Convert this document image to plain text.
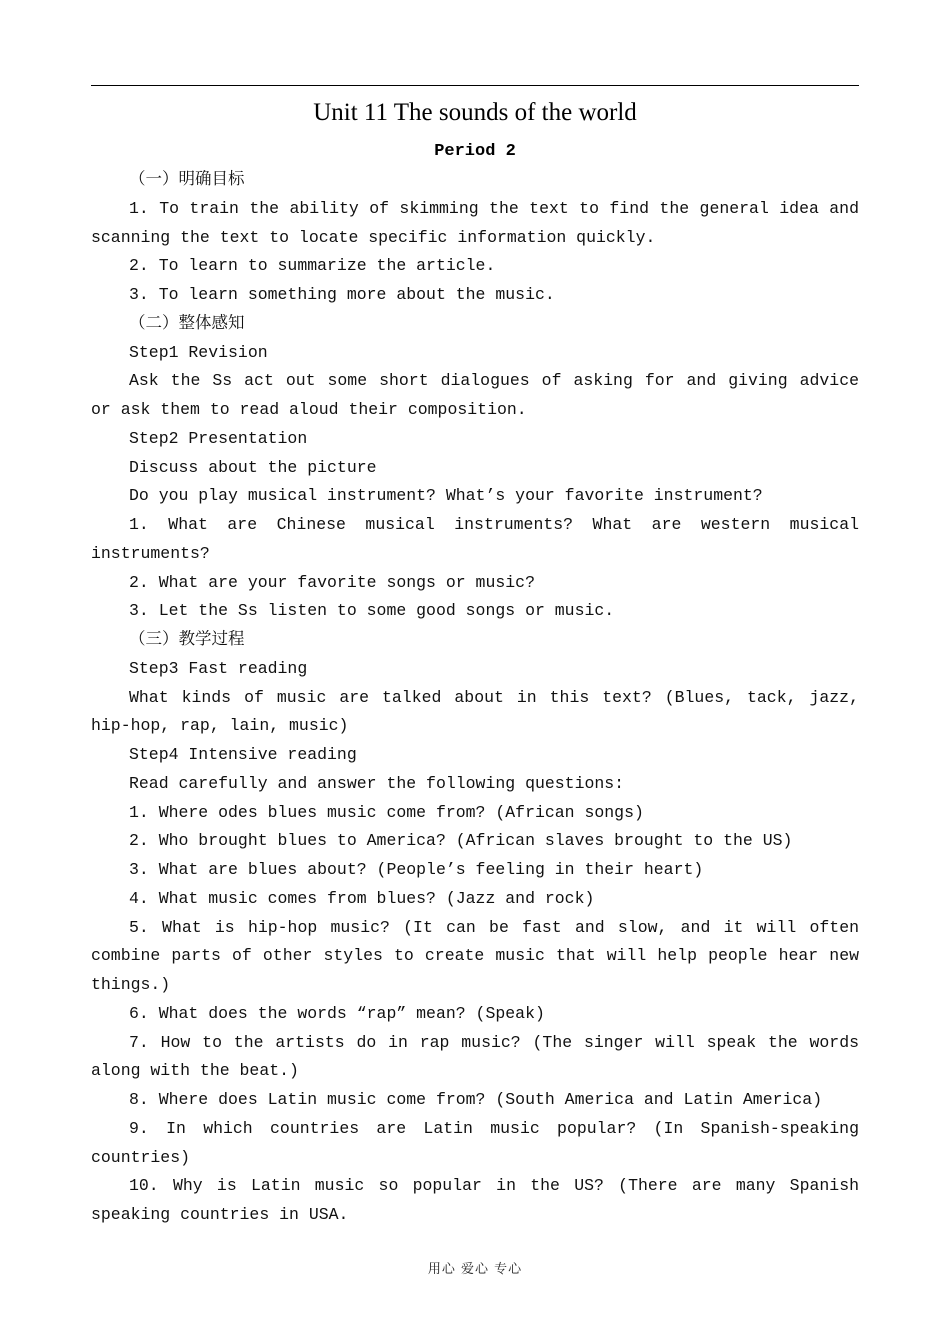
Unit 11 The sounds of the world
Period 2

（一）明确目标

1. To train the ability of skimming the text to find the general idea and scanning the text to locate specific information quickly.

2. To learn to summarize the article.

3. To learn something more about the music.

（二）整体感知

Step1 Revision

Ask the Ss act out some short dialogues of asking for and giving advice or ask them to read aloud their composition.

Step2 Presentation

Discuss about the picture

Do you play musical instrument? What’s your favorite instrument?

1. What are Chinese musical instruments? What are western musical instruments?

2. What are your favorite songs or music?

3. Let the Ss listen to some good songs or music.

（三）教学过程

Step3 Fast reading

What kinds of music are talked about in this text? (Blues, tack, jazz, hip-hop, rap, lain, music)

Step4 Intensive reading

Read carefully and answer the following questions:

1. Where odes blues music come from? (African songs)

2. Who brought blues to America? (African slaves brought to the US)

3. What are blues about? (People’s feeling in their heart)

4. What music comes from blues? (Jazz and rock)

5. What is hip-hop music? (It can be fast and slow, and it will often combine parts of other styles to create music that will help people hear new things.)

6. What does the words “rap” mean? (Speak)

7. How to the artists do in rap music? (The singer will speak the words along with the beat.)

8. Where does Latin music come from? (South America and Latin America)

9. In which countries are Latin music popular? (In Spanish-speaking countries)

10. Why is Latin music so popular in the US? (There are many Spanish speaking countries in USA.

用心 爱心 专心
